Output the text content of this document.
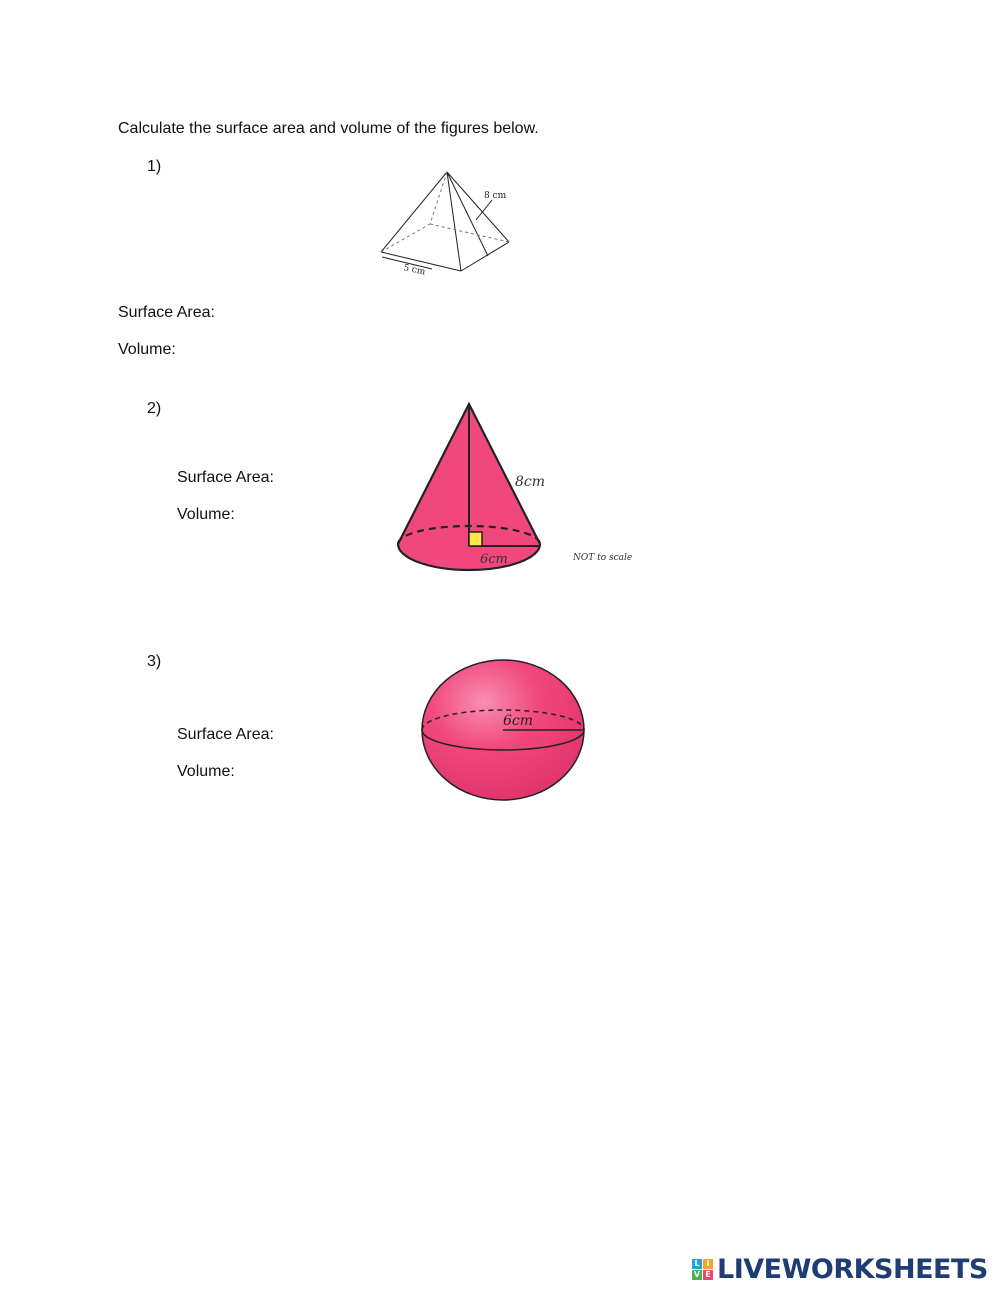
Calculate the surface area and volume of the figures below.
1)
8 cm
5 cm
Surface Area:
Volume:
2)
Surface Area:
Volume:
8cm
6cm	NOT to scale
3)
Surface Area:
Volume:
6cm
L I
V E LIVEWORKSHEETS
